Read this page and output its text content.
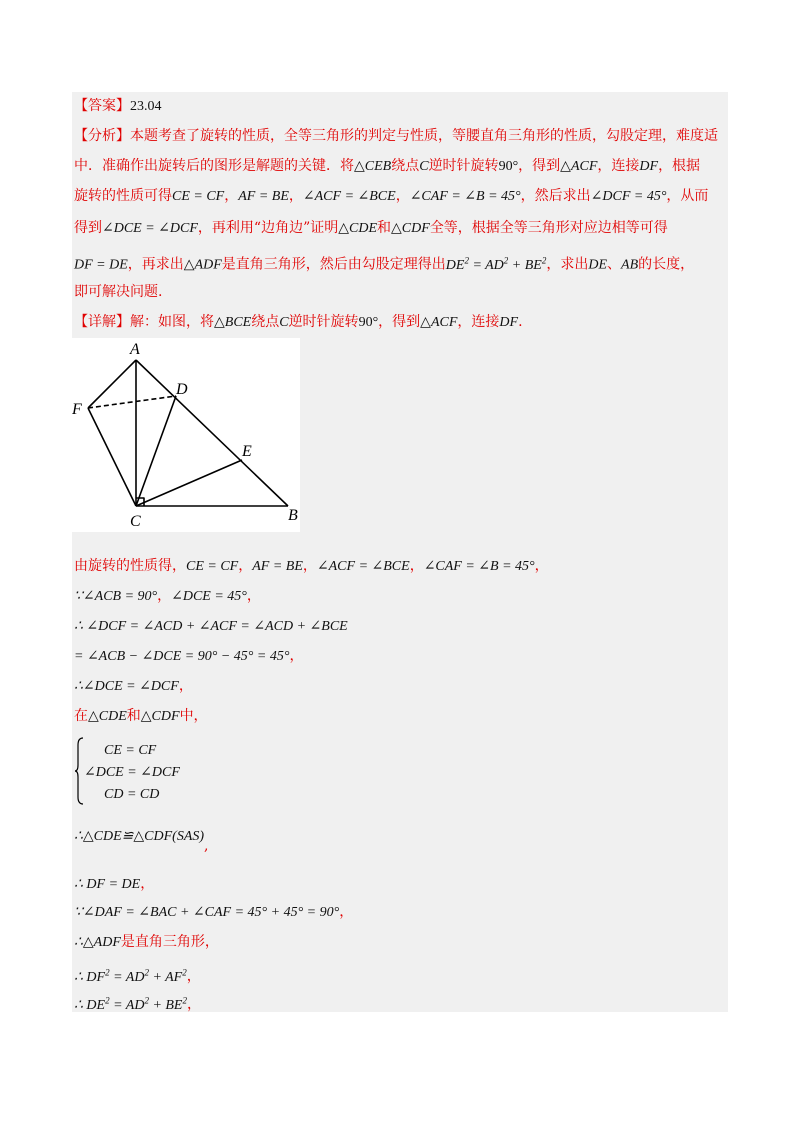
【答案】23.04
【分析】本题考查了旋转的性质，全等三角形的判定与性质，等腰直角三角形的性质，勾股定理，难度适
中．准确作出旋转后的图形是解题的关键．将△CEB绕点C逆时针旋转90°，得到△ACF，连接DF，根据
旋转的性质可得CE = CF，AF = BE，∠ACF = ∠BCE，∠CAF = ∠B = 45°，然后求出∠DCF = 45°，从而
得到∠DCE = ∠DCF，再利用“边角边”证明△CDE和△CDF全等，根据全等三角形对应边相等可得
DF = DE，再求出△ADF是直角三角形，然后由勾股定理得出$DE^2 = AD^2 + BE^2$，求出DE、AB的长度，
即可解决问题.
【详解】解：如图，将△BCE绕点C逆时针旋转90°，得到△ACF，连接DF.
A
D
F
E
C	B
由旋转的性质得，CE = CF，AF = BE，∠ACF = ∠BCE，∠CAF = ∠B = 45°，
∵∠ACB = 90°，∠DCE = 45°，
∴ ∠DCF = ∠ACD + ∠ACF = ∠ACD + ∠BCE
= ∠ACB − ∠DCE = 90° − 45° = 45°，
∴∠DCE = ∠DCF，
在△CDE和△CDF中，
CE = CF
∠DCE = ∠DCF
CD = CD
∴△CDE≌△CDF(SAS),
∴ DF = DE，
∵∠DAF = ∠BAC + ∠CAF = 45° + 45° = 90°，
∴△ADF是直角三角形，
∴ $DF^2 = AD^2 + AF^2$，
∴ $DE^2 = AD^2 + BE^2$，
